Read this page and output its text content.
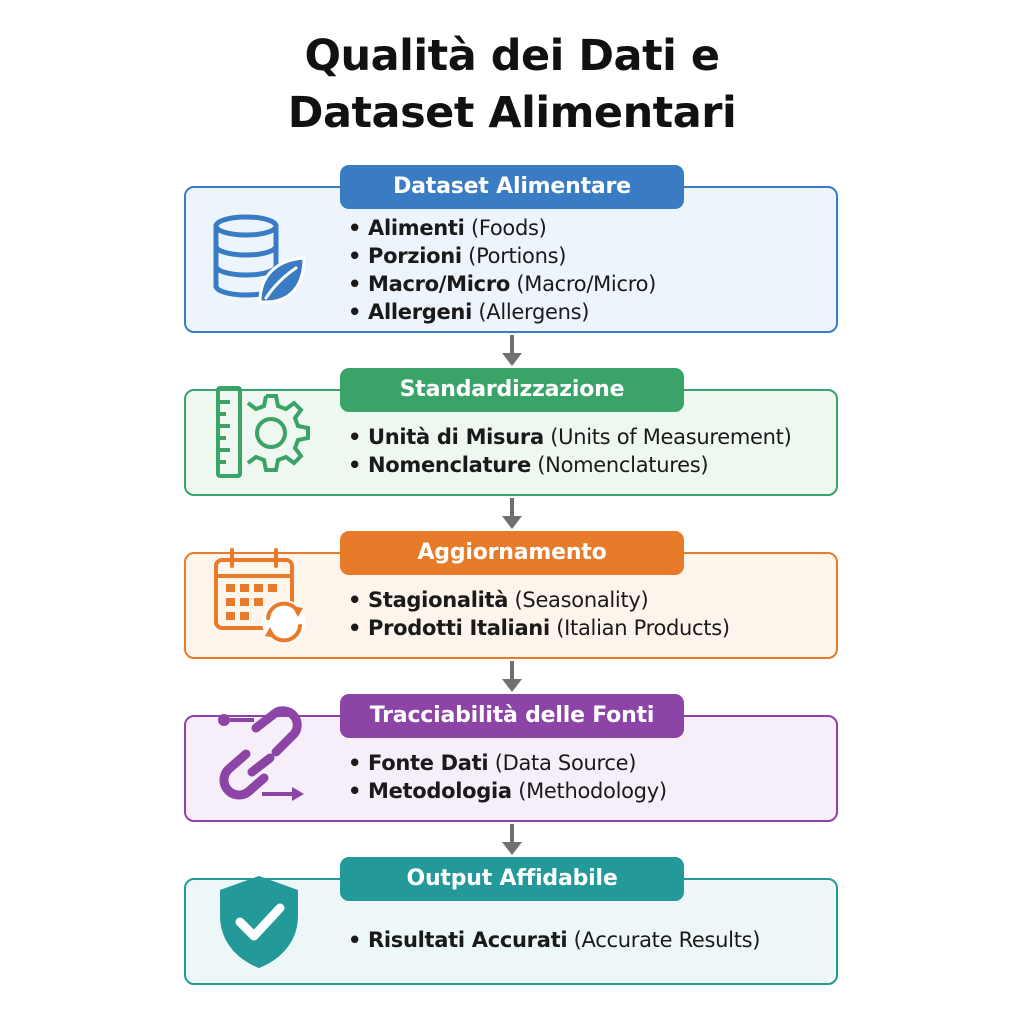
Qualità dei Dati e
Dataset Alimentari
Dataset Alimentare
• Alimenti (Foods)
• Porzioni (Portions)
• Macro/Micro (Macro/Micro)
• Allergeni (Allergens)
Standardizzazione
• Unità di Misura (Units of Measurement)
• Nomenclature (Nomenclatures)
Aggiornamento
• Stagionalità (Seasonality)
• Prodotti Italiani (Italian Products)
Tracciabilità delle Fonti
• Fonte Dati (Data Source)
• Metodologia (Methodology)
Output Affidabile
• Risultati Accurati (Accurate Results)
